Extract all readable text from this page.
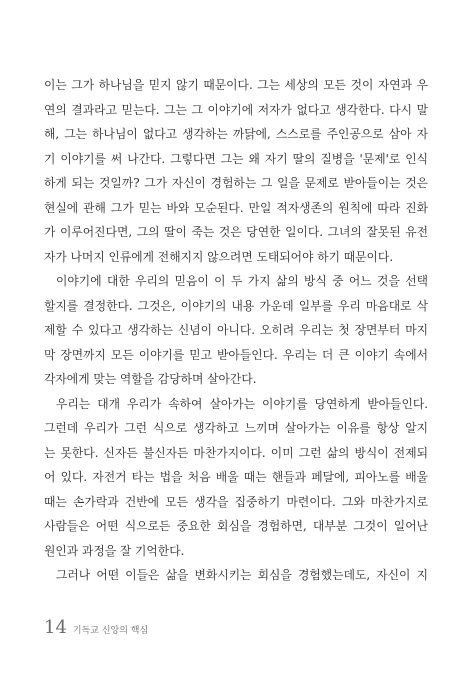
이는 그가 하나님을 믿지 않기 때문이다. 그는 세상의 모든 것이 자연과 우
연의 결과라고 믿는다. 그는 그 이야기에 저자가 없다고 생각한다. 다시 말
해, 그는 하나님이 없다고 생각하는 까닭에, 스스로를 주인공으로 삼아 자
기 이야기를 써 나간다. 그렇다면 그는 왜 자기 딸의 질병을 '문제'로 인식
하게 되는 것일까? 그가 자신이 경험하는 그 일을 문제로 받아들이는 것은
현실에 관해 그가 믿는 바와 모순된다. 만일 적자생존의 원칙에 따라 진화
가 이루어진다면, 그의 딸이 죽는 것은 당연한 일이다. 그녀의 잘못된 유전
자가 나머지 인류에게 전해지지 않으려면 도태되어야 하기 때문이다.
이야기에 대한 우리의 믿음이 이 두 가지 삶의 방식 중 어느 것을 선택
할지를 결정한다. 그것은, 이야기의 내용 가운데 일부를 우리 마음대로 삭
제할 수 있다고 생각하는 신념이 아니다. 오히려 우리는 첫 장면부터 마지
막 장면까지 모든 이야기를 믿고 받아들인다. 우리는 더 큰 이야기 속에서
각자에게 맞는 역할을 감당하며 살아간다.
우리는 대개 우리가 속하여 살아가는 이야기를 당연하게 받아들인다.
그런데 우리가 그런 식으로 생각하고 느끼며 살아가는 이유를 항상 알지
는 못한다. 신자든 불신자든 마찬가지이다. 이미 그런 삶의 방식이 전제되
어 있다. 자전거 타는 법을 처음 배울 때는 핸들과 페달에, 피아노를 배울
때는 손가락과 건반에 모든 생각을 집중하기 마련이다. 그와 마찬가지로
사람들은 어떤 식으로든 중요한 회심을 경험하면, 대부분 그것이 일어난
원인과 과정을 잘 기억한다.
그러나 어떤 이들은 삶을 변화시키는 회심을 경험했는데도, 자신이 지
14 기독교 신앙의 핵심
